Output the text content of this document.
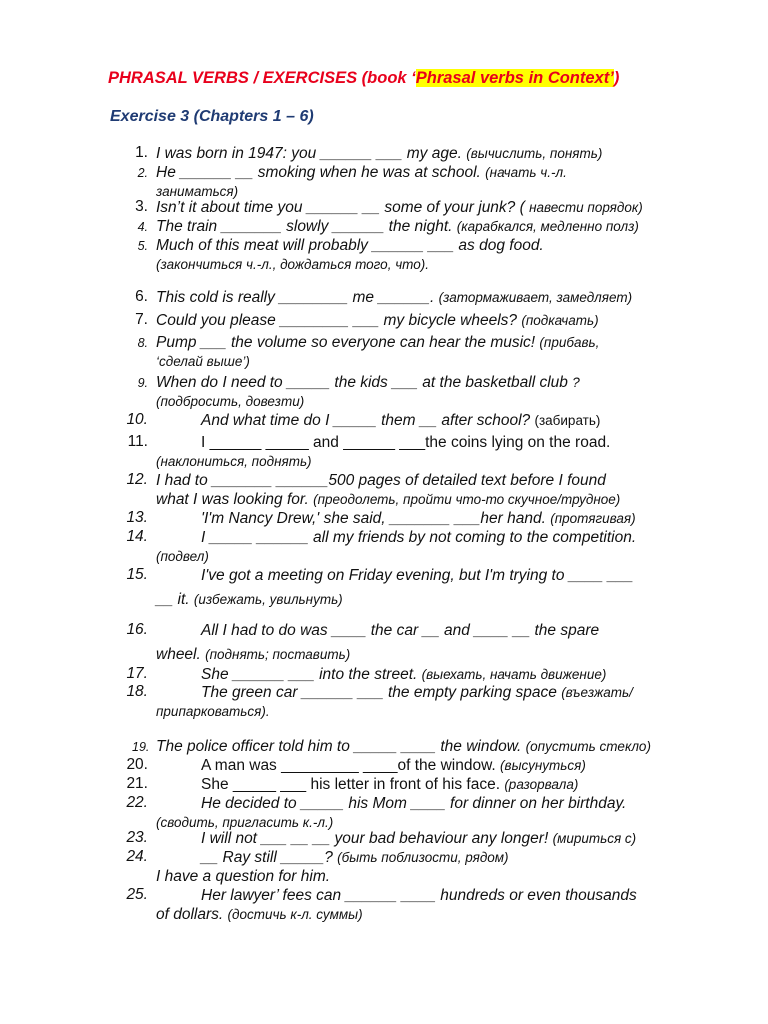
PHRASAL VERBS / EXERCISES (book ‘Phrasal verbs in Context’)
Exercise 3 (Chapters 1 – 6)
1. I was born in 1947: you ______ ___ my age. (вычислить, понять)
2. He ______ __ smoking when he was at school. (начать ч.-л.
заниматься)
3. Isn’t it about time you ______ __ some of your junk? ( навести порядок)
4. The train _______ slowly ______ the night. (карабкался, медленно полз)
5. Much of this meat will probably ______ ___ as dog food.
(закончиться ч.-л., дождаться того, что).
6. This cold is really ________ me ______. (затормаживает, замедляет)
7. Could you please ________ ___ my bicycle wheels? (подкачать)
8. Pump ___ the volume so everyone can hear the music! (прибавь,
‘сделай выше’)
9. When do I need to _____ the kids ___ at the basketball club ?
(подбросить, довезти)
10.	And what time do I _____ them __ after school? (забирать)
11.	I ______ _____ and ______ ___the coins lying on the road.
(наклониться, поднять)
12. I had to _______ ______500 pages of detailed text before I found
what I was looking for. (преодолеть, пройти что-то скучное/трудное)
13.	'I'm Nancy Drew,' she said, _______ ___her hand. (протягивая)
14.	I _____ ______ all my friends by not coming to the competition.
(подвел)
15.	I've got a meeting on Friday evening, but I'm trying to ____ ___
__ it. (избежать, увильнуть)
16.	All I had to do was ____ the car __ and ____ __ the spare
wheel. (поднять; поставить)
17.	She ______ ___ into the street. (выехать, начать движение)
18.	The green car ______ ___ the empty parking space (въезжать/
припарковаться).
19. The police officer told him to _____ ____ the window. (опустить стекло)
20.	A man was _________ ____of the window. (высунуться)
21.	She _____ ___ his letter in front of his face. (разорвала)
22.	He decided to _____ his Mom ____ for dinner on her birthday.
(сводить, пригласить к.-л.)
23.	I will not ___ __ __ your bad behaviour any longer! (мириться с)
24.	__ Ray still _____? (быть поблизости, рядом)
I have a question for him.
25.	Her lawyer’ fees can ______ ____ hundreds or even thousands
of dollars. (достичь к-л. суммы)
